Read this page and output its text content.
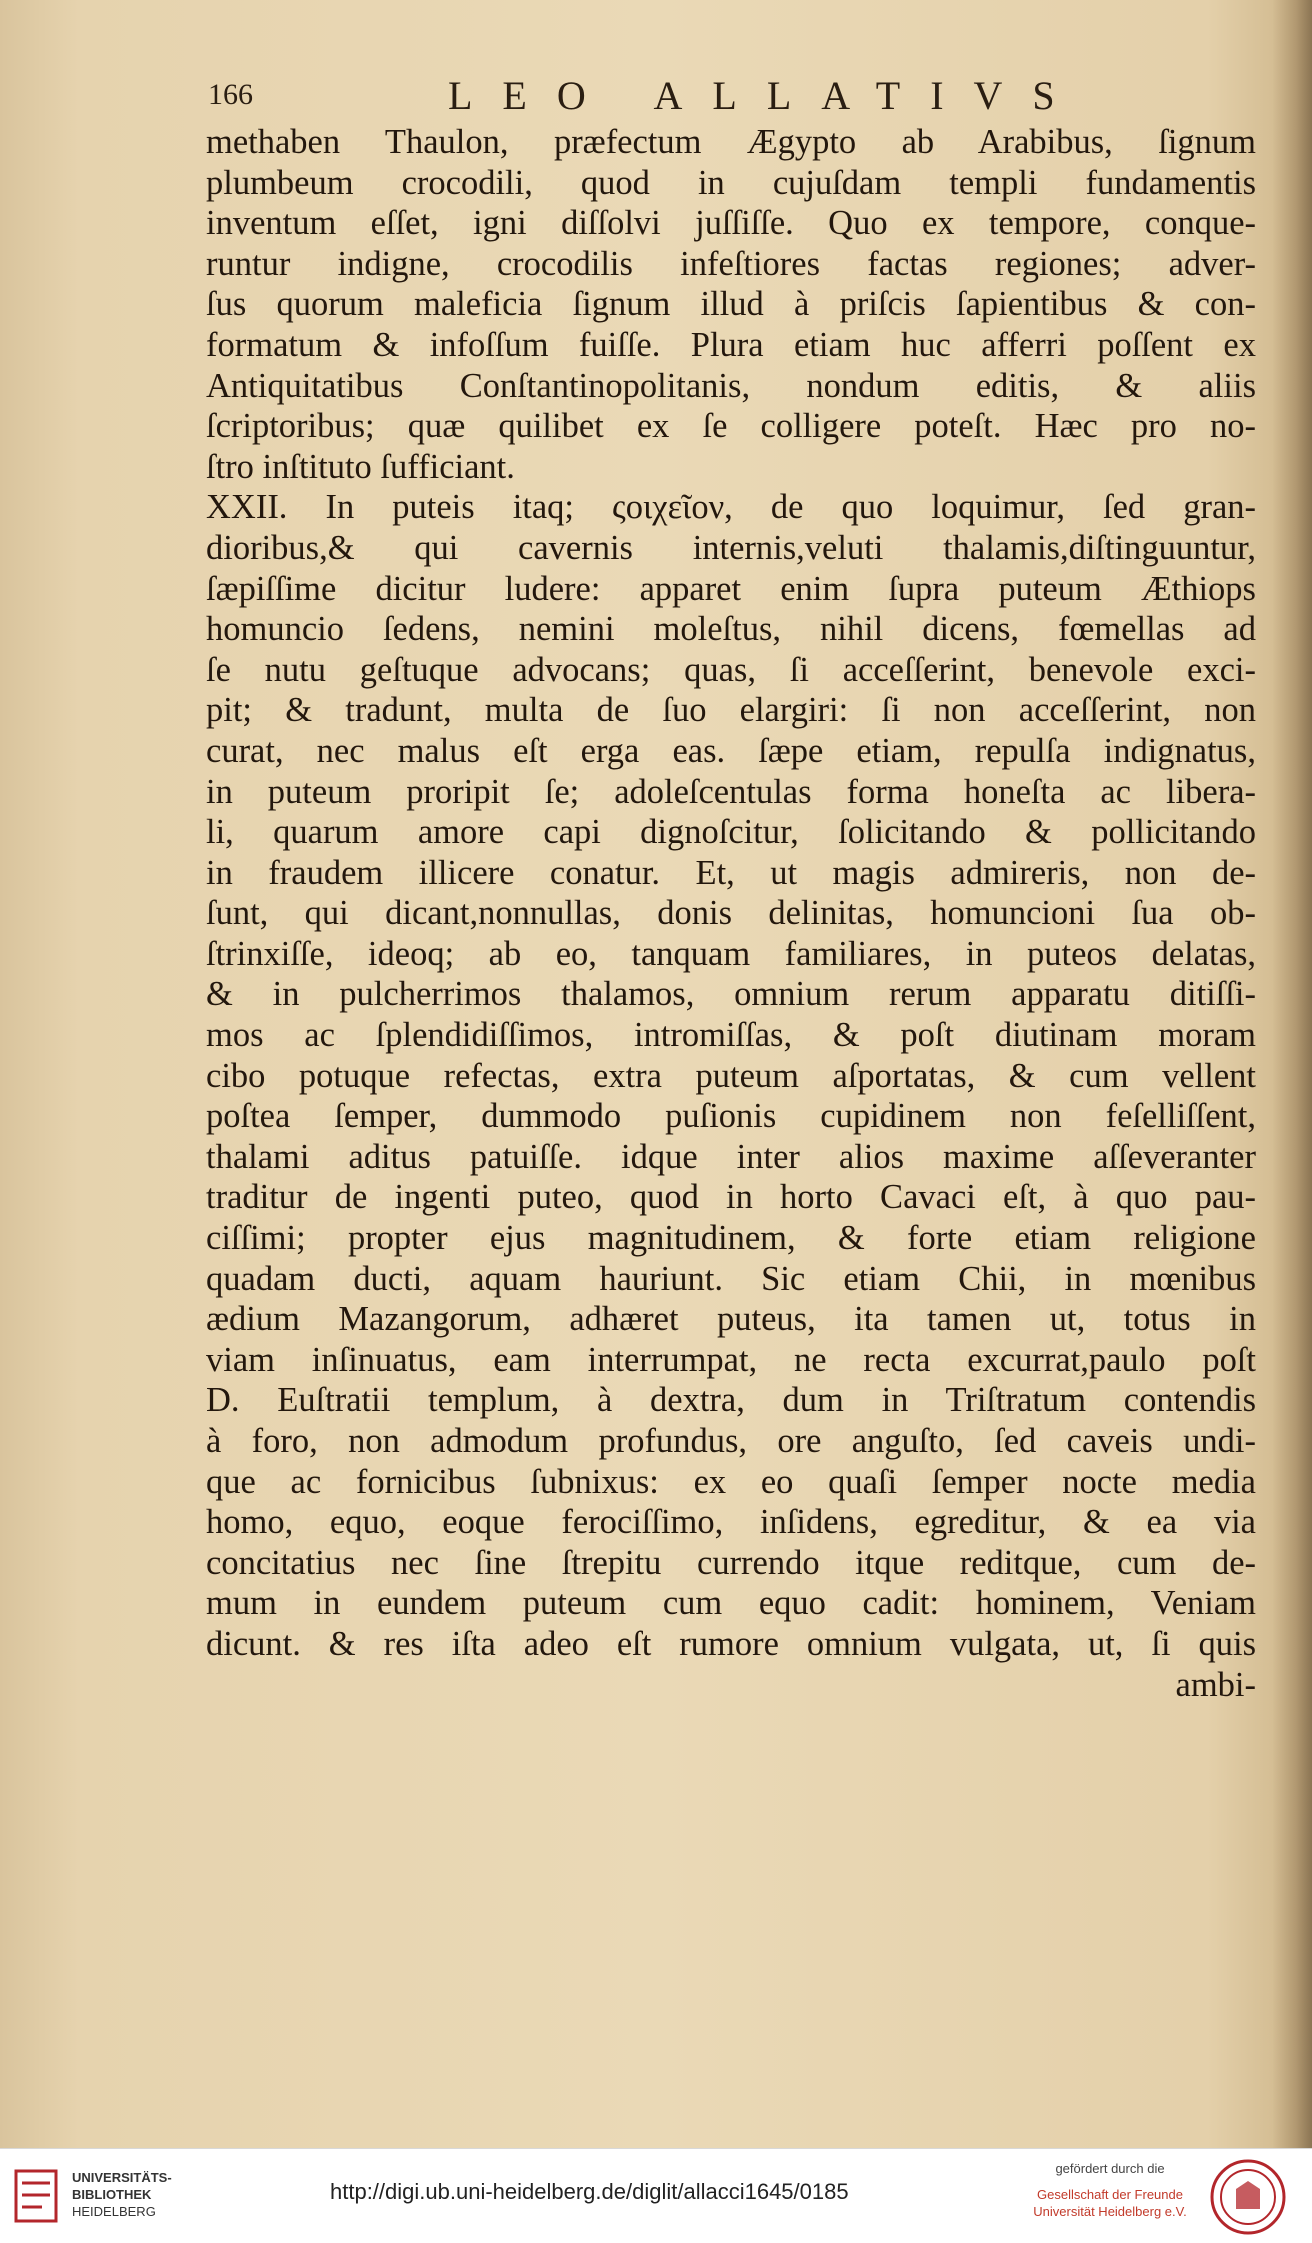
166	LEO ALLATIVS
methaben Thaulon, præfectum Ægypto ab Arabibus, ſignum
plumbeum crocodili, quod in cujuſdam templi fundamentis
inventum eſſet, igni diſſolvi juſſiſſe. Quo ex tempore, conque-
runtur indigne, crocodilis infeſtiores factas regiones; adver-
ſus quorum maleficia ſignum illud à priſcis ſapientibus & con-
formatum & infoſſum fuiſſe. Plura etiam huc afferri poſſent ex
Antiquitatibus Conſtantinopolitanis, nondum editis, & aliis
ſcriptoribus; quæ quilibet ex ſe colligere poteſt. Hæc pro no-
ſtro inſtituto ſufficiant.
XXII. In puteis itaq; ςοιχεῖον, de quo loquimur, ſed gran-
dioribus,& qui cavernis internis,veluti thalamis,diſtinguuntur,
ſæpiſſime dicitur ludere: apparet enim ſupra puteum Æthiops
homuncio ſedens, nemini moleſtus, nihil dicens, fœmellas ad
ſe nutu geſtuque advocans; quas, ſi acceſſerint, benevole exci-
pit; & tradunt, multa de ſuo elargiri: ſi non acceſſerint, non
curat, nec malus eſt erga eas. ſæpe etiam, repulſa indignatus,
in puteum proripit ſe; adoleſcentulas forma honeſta ac libera-
li, quarum amore capi dignoſcitur, ſolicitando & pollicitando
in fraudem illicere conatur. Et, ut magis admireris, non de-
ſunt, qui dicant,nonnullas, donis delinitas, homuncioni ſua ob-
ſtrinxiſſe, ideoq; ab eo, tanquam familiares, in puteos delatas,
& in pulcherrimos thalamos, omnium rerum apparatu ditiſſi-
mos ac ſplendidiſſimos, intromiſſas, & poſt diutinam moram
cibo potuque refectas, extra puteum aſportatas, & cum vellent
poſtea ſemper, dummodo puſionis cupidinem non feſelliſſent,
thalami aditus patuiſſe. idque inter alios maxime aſſeveranter
traditur de ingenti puteo, quod in horto Cavaci eſt, à quo pau-
ciſſimi; propter ejus magnitudinem, & forte etiam religione
quadam ducti, aquam hauriunt. Sic etiam Chii, in mœnibus
ædium Mazangorum, adhæret puteus, ita tamen ut, totus in
viam inſinuatus, eam interrumpat, ne recta excurrat,paulo poſt
D. Euſtratii templum, à dextra, dum in Triſtratum contendis
à foro, non admodum profundus, ore anguſto, ſed caveis undi-
que ac fornicibus ſubnixus: ex eo quaſi ſemper nocte media
homo, equo, eoque ferociſſimo, inſidens, egreditur, & ea via
concitatius nec ſine ſtrepitu currendo itque reditque, cum de-
mum in eundem puteum cum equo cadit: hominem, Veniam
dicunt. & res iſta adeo eſt rumore omnium vulgata, ut, ſi quis
ambi-
UNIVERSITÄTS-
BIBLIOTHEK
HEIDELBERG
http://digi.ub.uni-heidelberg.de/diglit/allacci1645/0185
gefördert durch die
Gesellschaft der Freunde
Universität Heidelberg e.V.
